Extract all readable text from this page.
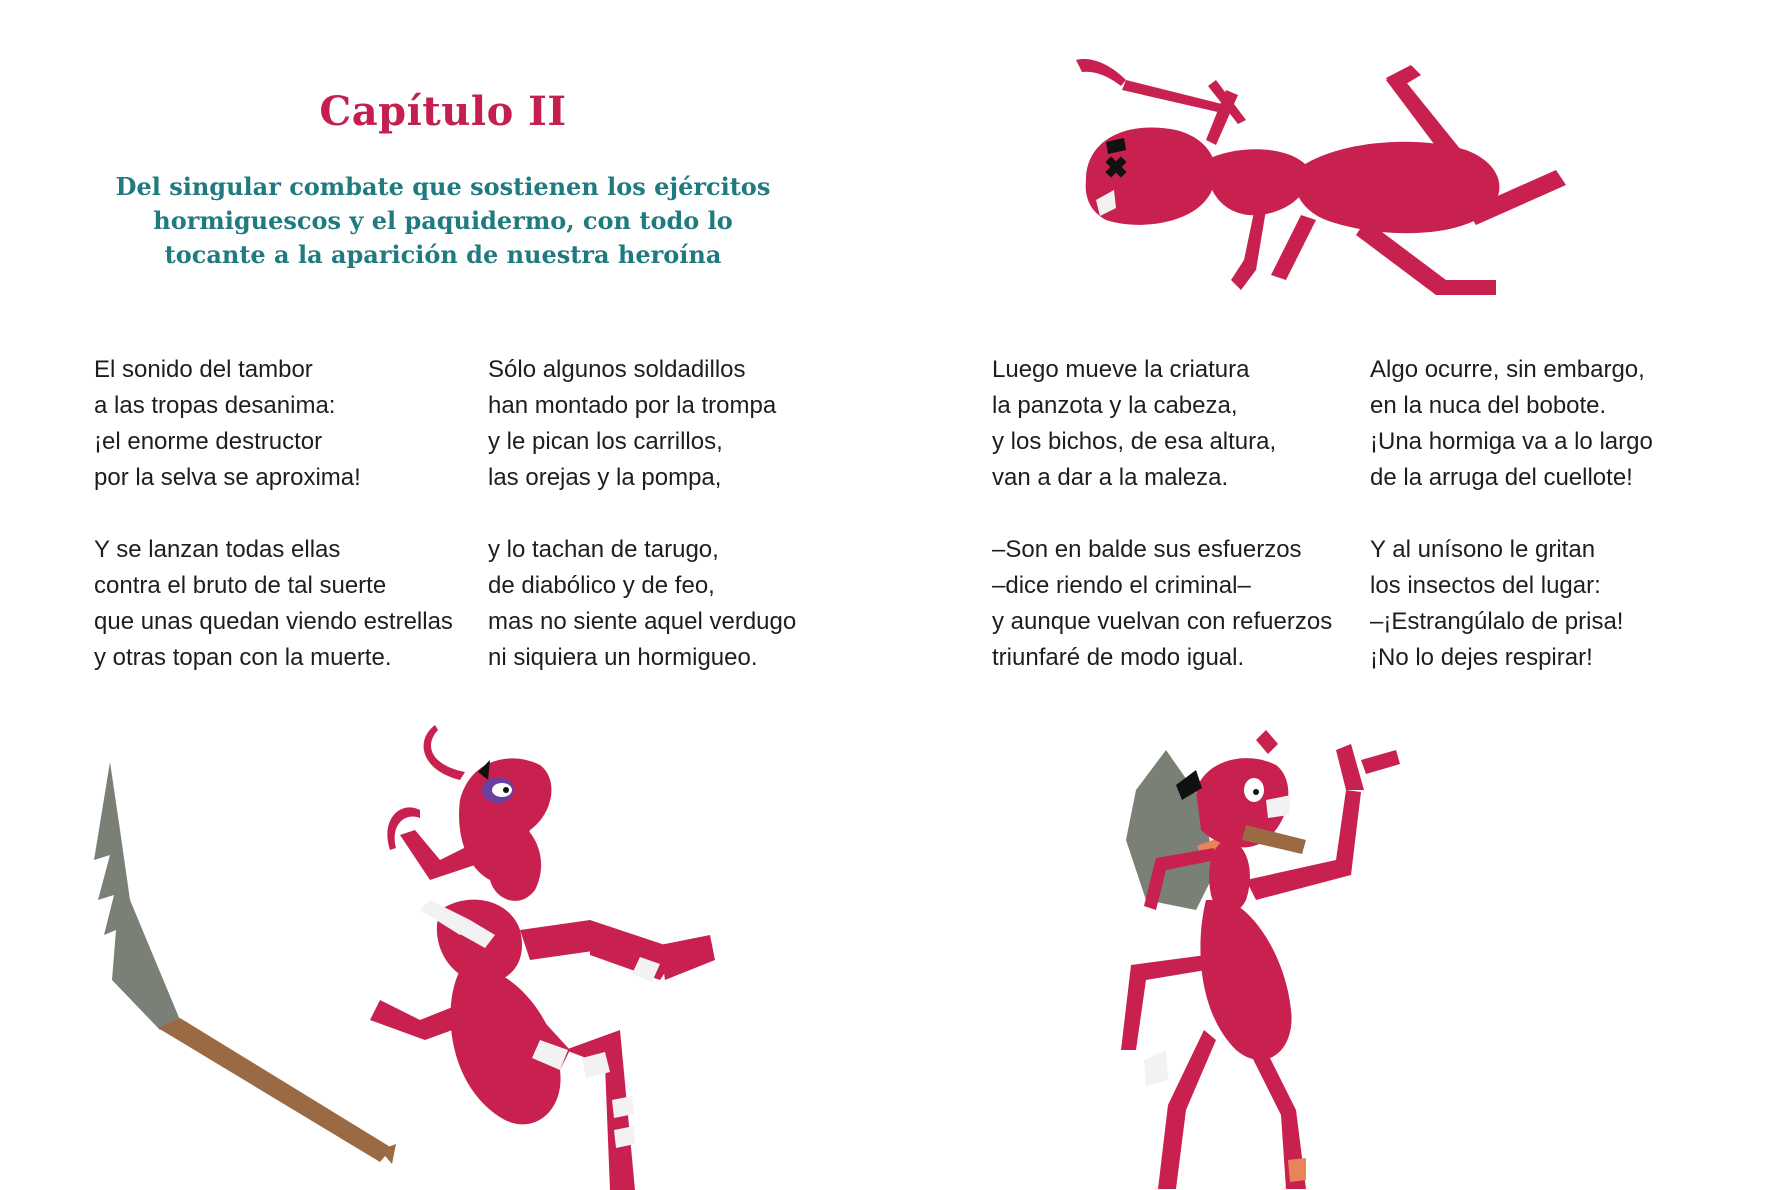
Capítulo II
Del singular combate que sostienen los ejércitos
hormiguescos y el paquidermo, con todo lo
tocante a la aparición de nuestra heroína
El sonido del tambor
a las tropas desanima:
¡el enorme destructor
por la selva se aproxima!
Y se lanzan todas ellas
contra el bruto de tal suerte
que unas quedan viendo estrellas
y otras topan con la muerte.
Sólo algunos soldadillos
han montado por la trompa
y le pican los carrillos,
las orejas y la pompa,
y lo tachan de tarugo,
de diabólico y de feo,
mas no siente aquel verdugo
ni siquiera un hormigueo.
Luego mueve la criatura
la panzota y la cabeza,
y los bichos, de esa altura,
van a dar a la maleza.
–Son en balde sus esfuerzos
–dice riendo el criminal–
y aunque vuelvan con refuerzos
triunfaré de modo igual.
Algo ocurre, sin embargo,
en la nuca del bobote.
¡Una hormiga va a lo largo
de la arruga del cuellote!
Y al unísono le gritan
los insectos del lugar:
–¡Estrangúlalo de prisa!
¡No lo dejes respirar!
